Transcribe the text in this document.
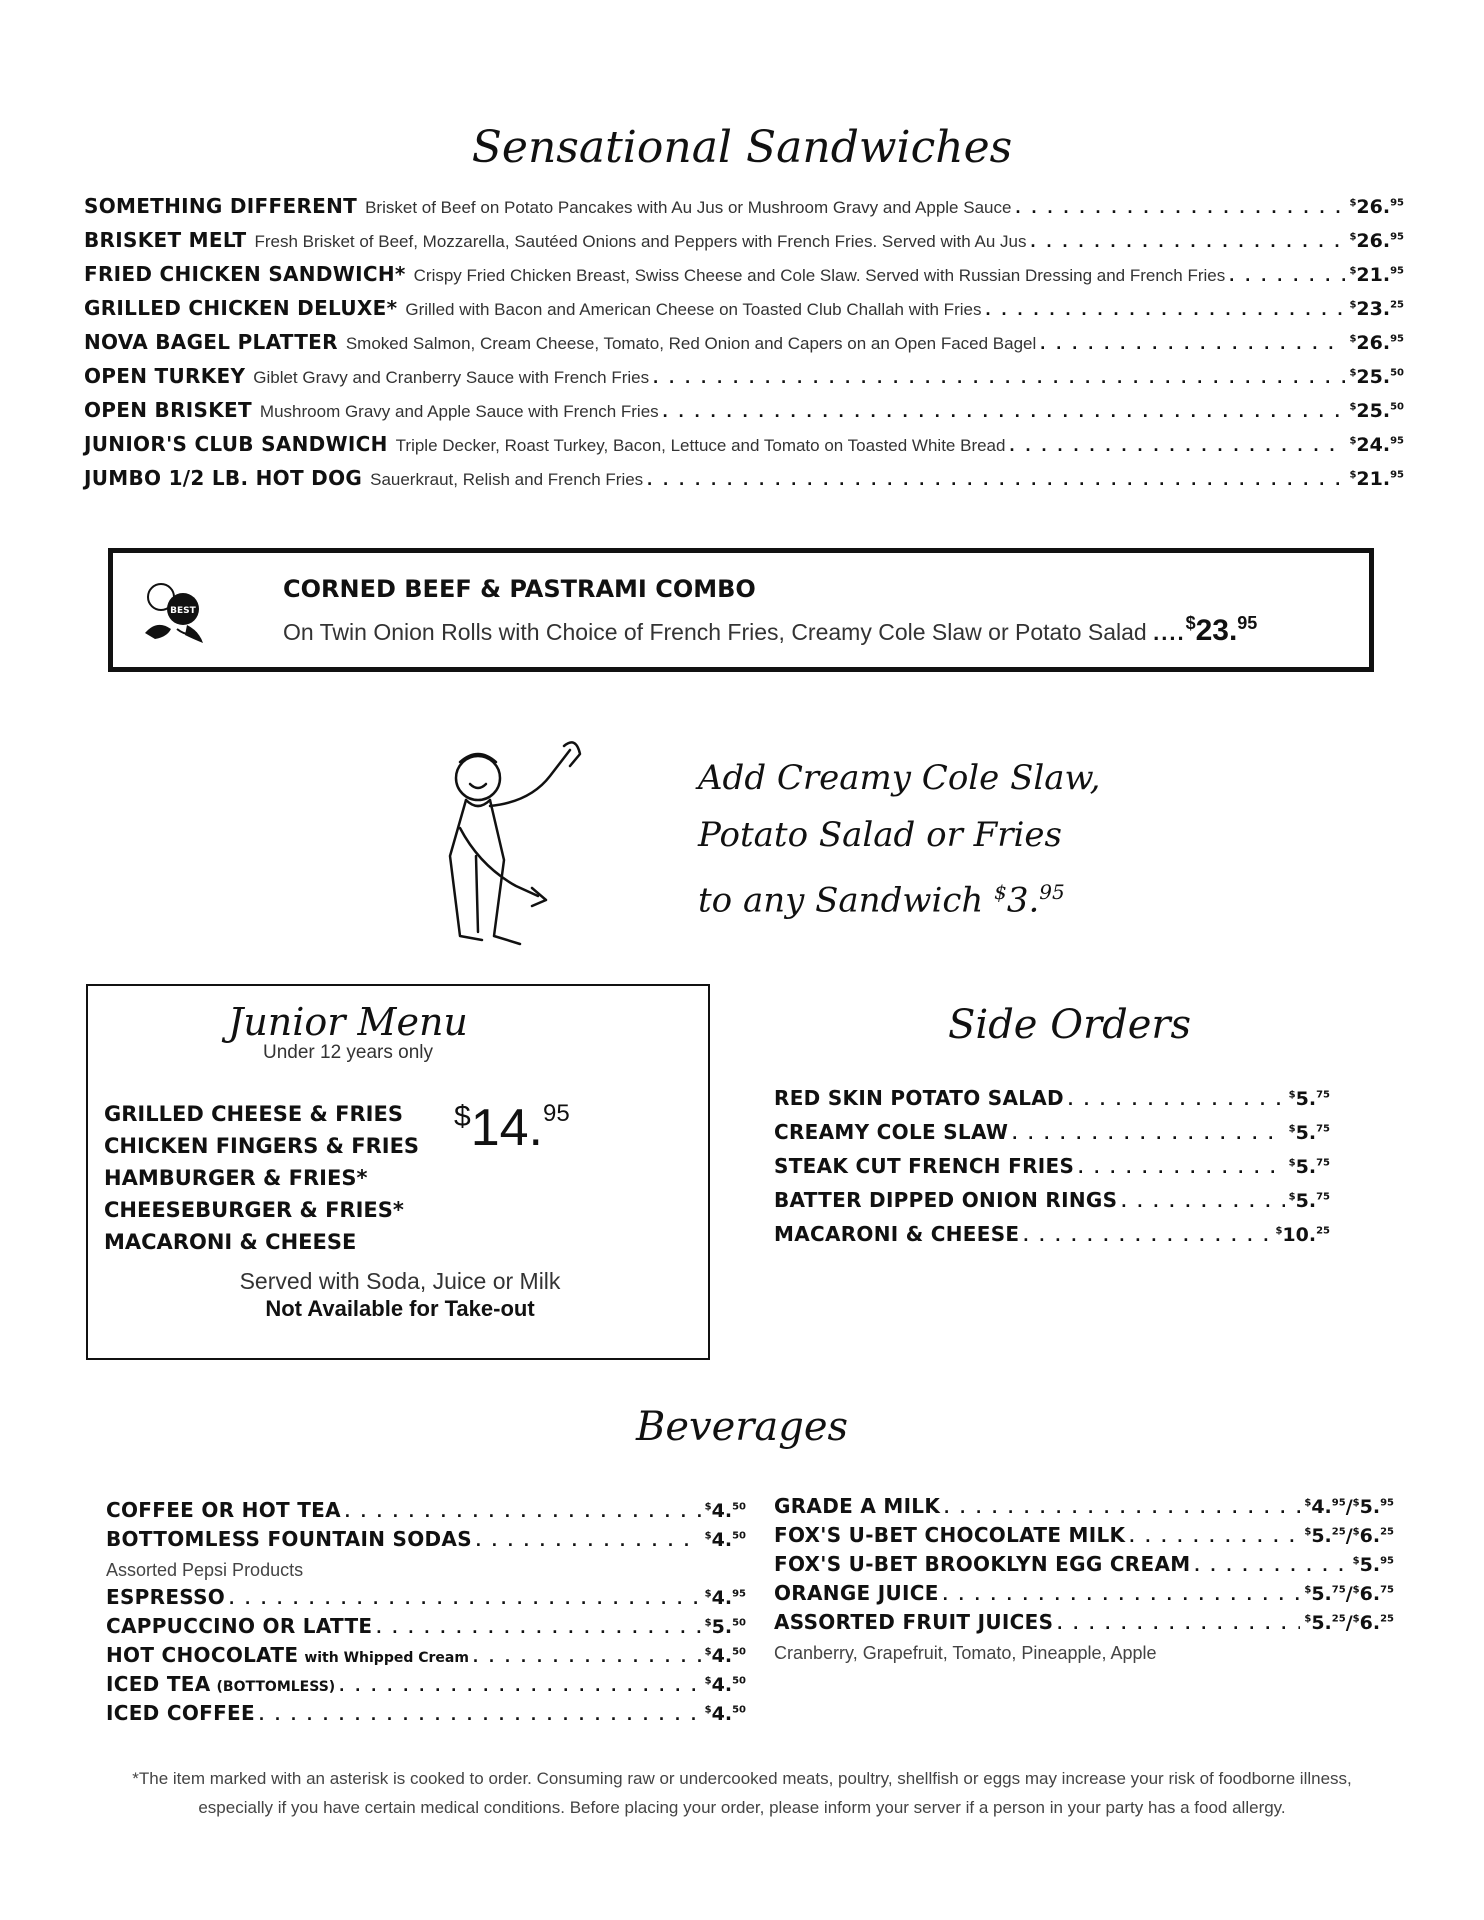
Sensational Sandwiches
SOMETHING DIFFERENT Brisket of Beef on Potato Pancakes with Au Jus or Mushroom Gravy and Apple Sauce . . .	$26.95
BRISKET MELT Fresh Brisket of Beef, Mozzarella, Sautéed Onions and Peppers with French Fries. Served with Au Jus . . .	$26.95
FRIED CHICKEN SANDWICH* Crispy Fried Chicken Breast, Swiss Cheese and Cole Slaw. Served with Russian Dressing and French Fries . . .	$21.95
GRILLED CHICKEN DELUXE* Grilled with Bacon and American Cheese on Toasted Club Challah with Fries . . .	$23.25
NOVA BAGEL PLATTER Smoked Salmon, Cream Cheese, Tomato, Red Onion and Capers on an Open Faced Bagel . . .	$26.95
OPEN TURKEY Giblet Gravy and Cranberry Sauce with French Fries . . .	$25.50
OPEN BRISKET Mushroom Gravy and Apple Sauce with French Fries . . .	$25.50
JUNIOR'S CLUB SANDWICH Triple Decker, Roast Turkey, Bacon, Lettuce and Tomato on Toasted White Bread . . .	$24.95
JUMBO 1/2 LB. HOT DOG Sauerkraut, Relish and French Fries . . .	$21.95
BEST
CORNED BEEF & PASTRAMI COMBO
On Twin Onion Rolls with Choice of French Fries, Creamy Cole Slaw or Potato Salad ....$23.95
Add Creamy Cole Slaw,
Potato Salad or Fries
to any Sandwich $3.95
Junior Menu
Under 12 years only
GRILLED CHEESE & FRIES
CHICKEN FINGERS & FRIES
HAMBURGER & FRIES*
CHEESEBURGER & FRIES*
MACARONI & CHEESE
$14.95
Served with Soda, Juice or Milk
Not Available for Take-out
Side Orders
RED SKIN POTATO SALAD . . .	$5.75
CREAMY COLE SLAW . . .	$5.75
STEAK CUT FRENCH FRIES . . .	$5.75
BATTER DIPPED ONION RINGS . . .	$5.75
MACARONI & CHEESE . . .	$10.25
Beverages
COFFEE OR HOT TEA . . .	$4.50
BOTTOMLESS FOUNTAIN SODAS . . .	$4.50
Assorted Pepsi Products
ESPRESSO . . .	$4.95
CAPPUCCINO OR LATTE . . .	$5.50
HOT CHOCOLATE with Whipped Cream . . .	$4.50
ICED TEA (BOTTOMLESS) . . .	$4.50
ICED COFFEE . . .	$4.50
GRADE A MILK . . .	$4.95 / $5.95
FOX'S U-BET CHOCOLATE MILK . . .	$5.25 / $6.25
FOX'S U-BET BROOKLYN EGG CREAM . . .	$5.95
ORANGE JUICE . . .	$5.75 / $6.75
ASSORTED FRUIT JUICES . . .	$5.25 / $6.25
Cranberry, Grapefruit, Tomato, Pineapple, Apple
*The item marked with an asterisk is cooked to order. Consuming raw or undercooked meats, poultry, shellfish or eggs may increase your risk of foodborne illness,
especially if you have certain medical conditions. Before placing your order, please inform your server if a person in your party has a food allergy.
